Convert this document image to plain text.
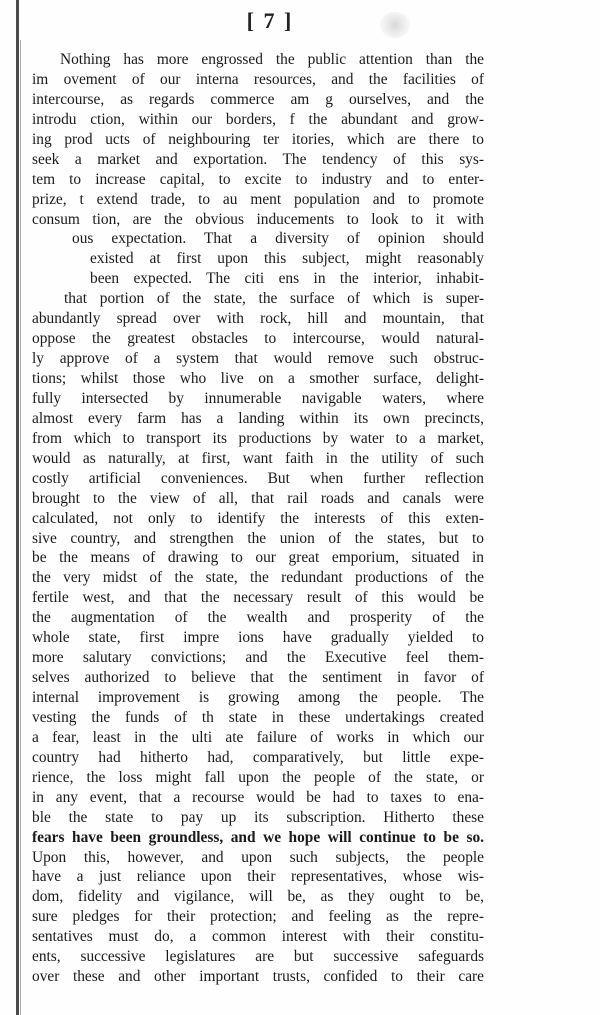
[ 7 ]
Nothing has more engrossed the public attention than the
im ovement of our interna resources, and the facilities of
intercourse, as regards commerce am g ourselves, and the
introdu ction, within our borders, f the abundant and grow-
ing prod ucts of neighbouring ter itories, which are there to
seek a market and exportation. The tendency of this sys-
tem to increase capital, to excite to industry and to enter-
prize, t extend trade, to au ment population and to promote
consum tion, are the obvious inducements to look to it with
ous expectation. That a diversity of opinion should
existed at first upon this subject, might reasonably
been expected. The citi ens in the interior, inhabit-
that portion of the state, the surface of which is super-
abundantly spread over with rock, hill and mountain, that
oppose the greatest obstacles to intercourse, would natural-
ly approve of a system that would remove such obstruc-
tions; whilst those who live on a smother surface, delight-
fully intersected by innumerable navigable waters, where
almost every farm has a landing within its own precincts,
from which to transport its productions by water to a market,
would as naturally, at first, want faith in the utility of such
costly artificial conveniences. But when further reflection
brought to the view of all, that rail roads and canals were
calculated, not only to identify the interests of this exten-
sive country, and strengthen the union of the states, but to
be the means of drawing to our great emporium, situated in
the very midst of the state, the redundant productions of the
fertile west, and that the necessary result of this would be
the augmentation of the wealth and prosperity of the
whole state, first impre ions have gradually yielded to
more salutary convictions; and the Executive feel them-
selves authorized to believe that the sentiment in favor of
internal improvement is growing among the people. The
vesting the funds of th state in these undertakings created
a fear, least in the ulti ate failure of works in which our
country had hitherto had, comparatively, but little expe-
rience, the loss might fall upon the people of the state, or
in any event, that a recourse would be had to taxes to ena-
ble the state to pay up its subscription. Hitherto these
fears have been groundless, and we hope will continue to be so.
Upon this, however, and upon such subjects, the people
have a just reliance upon their representatives, whose wis-
dom, fidelity and vigilance, will be, as they ought to be,
sure pledges for their protection; and feeling as the repre-
sentatives must do, a common interest with their constitu-
ents, successive legislatures are but successive safeguards
over these and other important trusts, confided to their care
